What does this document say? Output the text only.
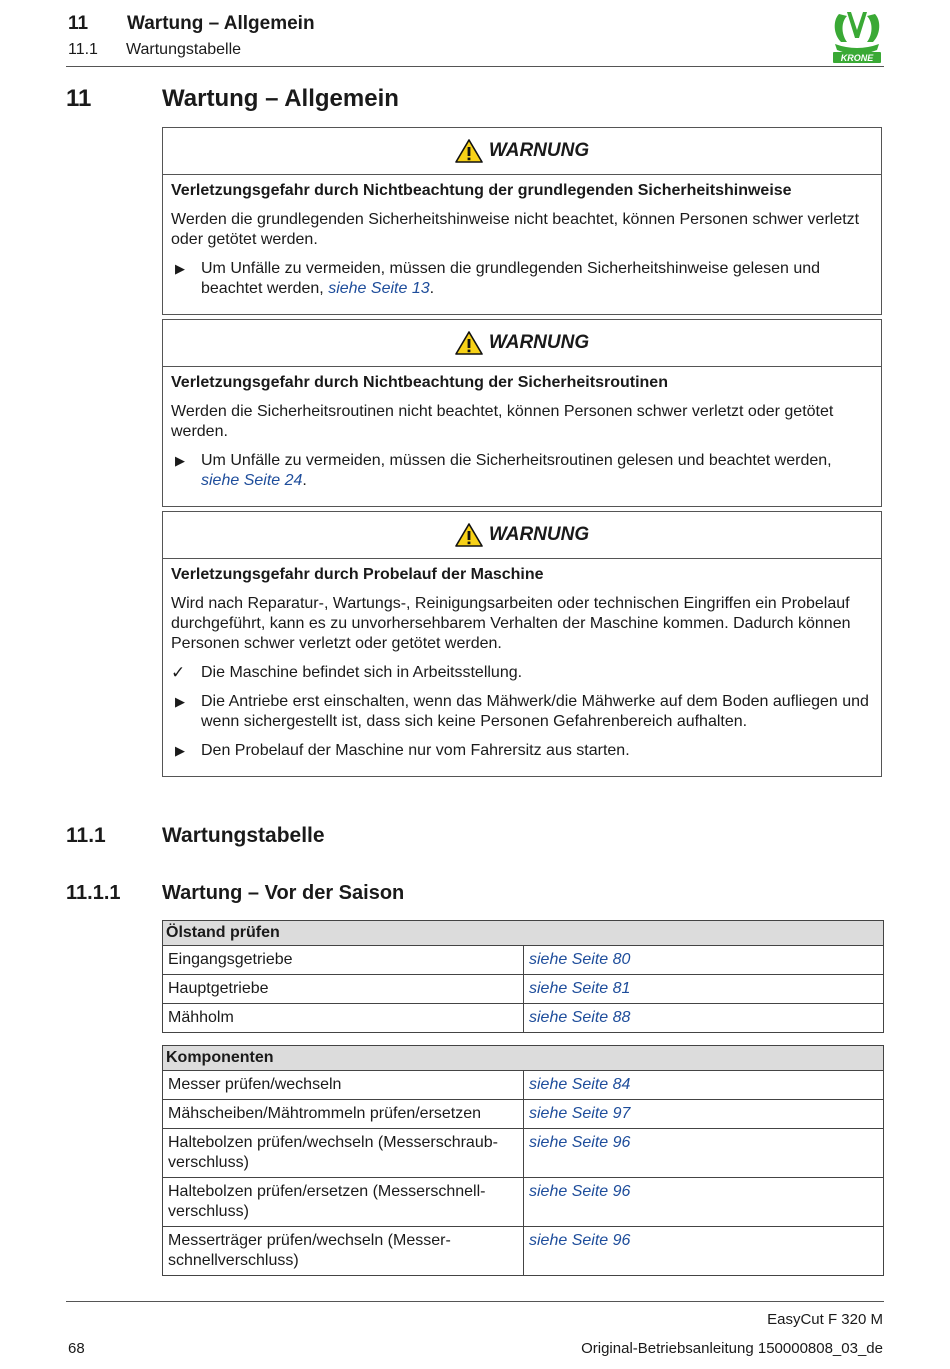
11 Wartung – Allgemein
11.1 Wartungstabelle	KRONE
11	Wartung – Allgemein
WARNUNG

Verletzungsgefahr durch Nichtbeachtung der grundlegenden Sicherheitshinweise

Werden die grundlegenden Sicherheitshinweise nicht beachtet, können Personen schwer verletzt oder getötet werden.

▶ Um Unfälle zu vermeiden, müssen die grundlegenden Sicherheitshinweise gelesen und beachtet werden, siehe Seite 13.
WARNUNG

Verletzungsgefahr durch Nichtbeachtung der Sicherheitsroutinen

Werden die Sicherheitsroutinen nicht beachtet, können Personen schwer verletzt oder getötet werden.

▶ Um Unfälle zu vermeiden, müssen die Sicherheitsroutinen gelesen und beachtet werden, siehe Seite 24.
WARNUNG

Verletzungsgefahr durch Probelauf der Maschine

Wird nach Reparatur-, Wartungs-, Reinigungsarbeiten oder technischen Eingriffen ein Probelauf durchgeführt, kann es zu unvorhersehbarem Verhalten der Maschine kommen. Dadurch können Personen schwer verletzt oder getötet werden.

✓ Die Maschine befindet sich in Arbeitsstellung.
▶ Die Antriebe erst einschalten, wenn das Mähwerk/die Mähwerke auf dem Boden aufliegen und wenn sichergestellt ist, dass sich keine Personen Gefahrenbereich aufhalten.
▶ Den Probelauf der Maschine nur vom Fahrersitz aus starten.
11.1	Wartungstabelle
11.1.1 Wartung – Vor der Saison
Ölstand prüfen	
Eingangsgetriebe	siehe Seite 80
Hauptgetriebe	siehe Seite 81
Mähholm	siehe Seite 88
Komponenten	
Messer prüfen/wechseln	siehe Seite 84
Mähscheiben/Mähtrommeln prüfen/ersetzen	siehe Seite 97
Haltebolzen prüfen/wechseln (Messerschraub-verschluss)	siehe Seite 96
Haltebolzen prüfen/ersetzen (Messerschnell-verschluss)	siehe Seite 96
Messerträger prüfen/wechseln (Messer-schnellverschluss)	siehe Seite 96
EasyCut F 320 M
68	Original-Betriebsanleitung 150000808_03_de
